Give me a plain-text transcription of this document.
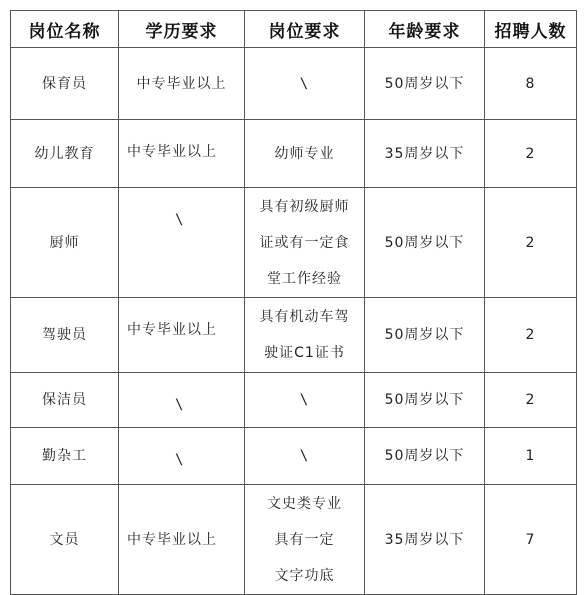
岗位名称	学历要求	岗位要求	年龄要求	招聘人数
保育员	中专毕业以上	\	50周岁以下	8
幼儿教育	中专毕业以上	幼师专业	35周岁以下	2
厨师	\	具有初级厨师
证或有一定食
堂工作经验	50周岁以下	2
驾驶员	中专毕业以上	具有机动车驾
驶证C1证书	50周岁以下	2
保洁员	\	\	50周岁以下	2
勤杂工	\	\	50周岁以下	1
文员	中专毕业以上	文史类专业
具有一定
文字功底	35周岁以下	7
